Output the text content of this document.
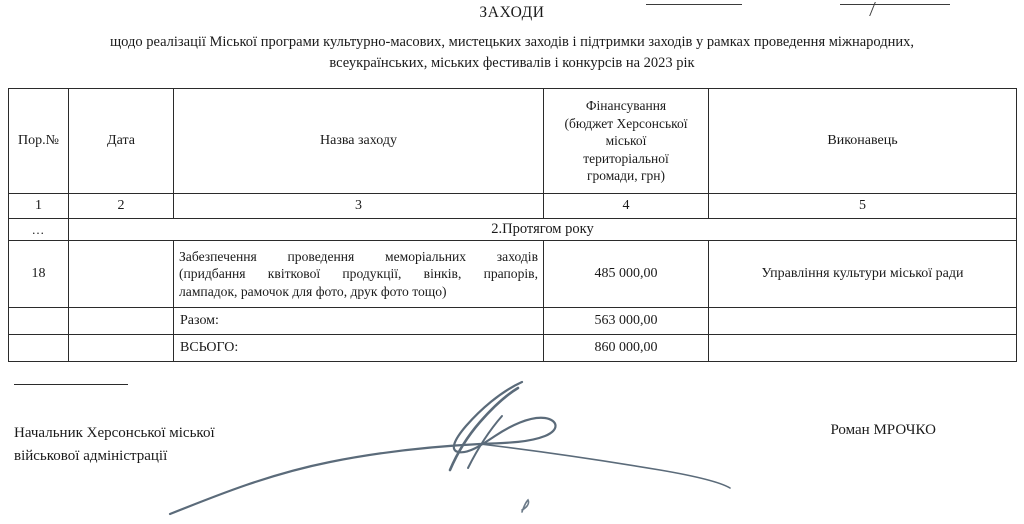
ЗАХОДИ
щодо реалізації Міської програми культурно-масових, мистецьких заходів і підтримки заходів у рамках проведення міжнародних,
всеукраїнських, міських фестивалів і конкурсів на 2023 рік
Пор.№	Дата	Назва заходу	Фінансування
(бюджет Херсонської
міської
територіальної
громади, грн)	Виконавець
1	2	3	4	5
...	2.Протягом року			
18		Забезпечення проведення меморіальних заходів
(придбання квіткової продукції, вінків, прапорів,
лампадок, рамочок для фото, друк фото тощо)	485 000,00	Управління культури міської ради
		Разом:	563 000,00	
		ВСЬОГО:	860 000,00	
Начальник Херсонської міської
військової адміністрації
Роман МРОЧКО
